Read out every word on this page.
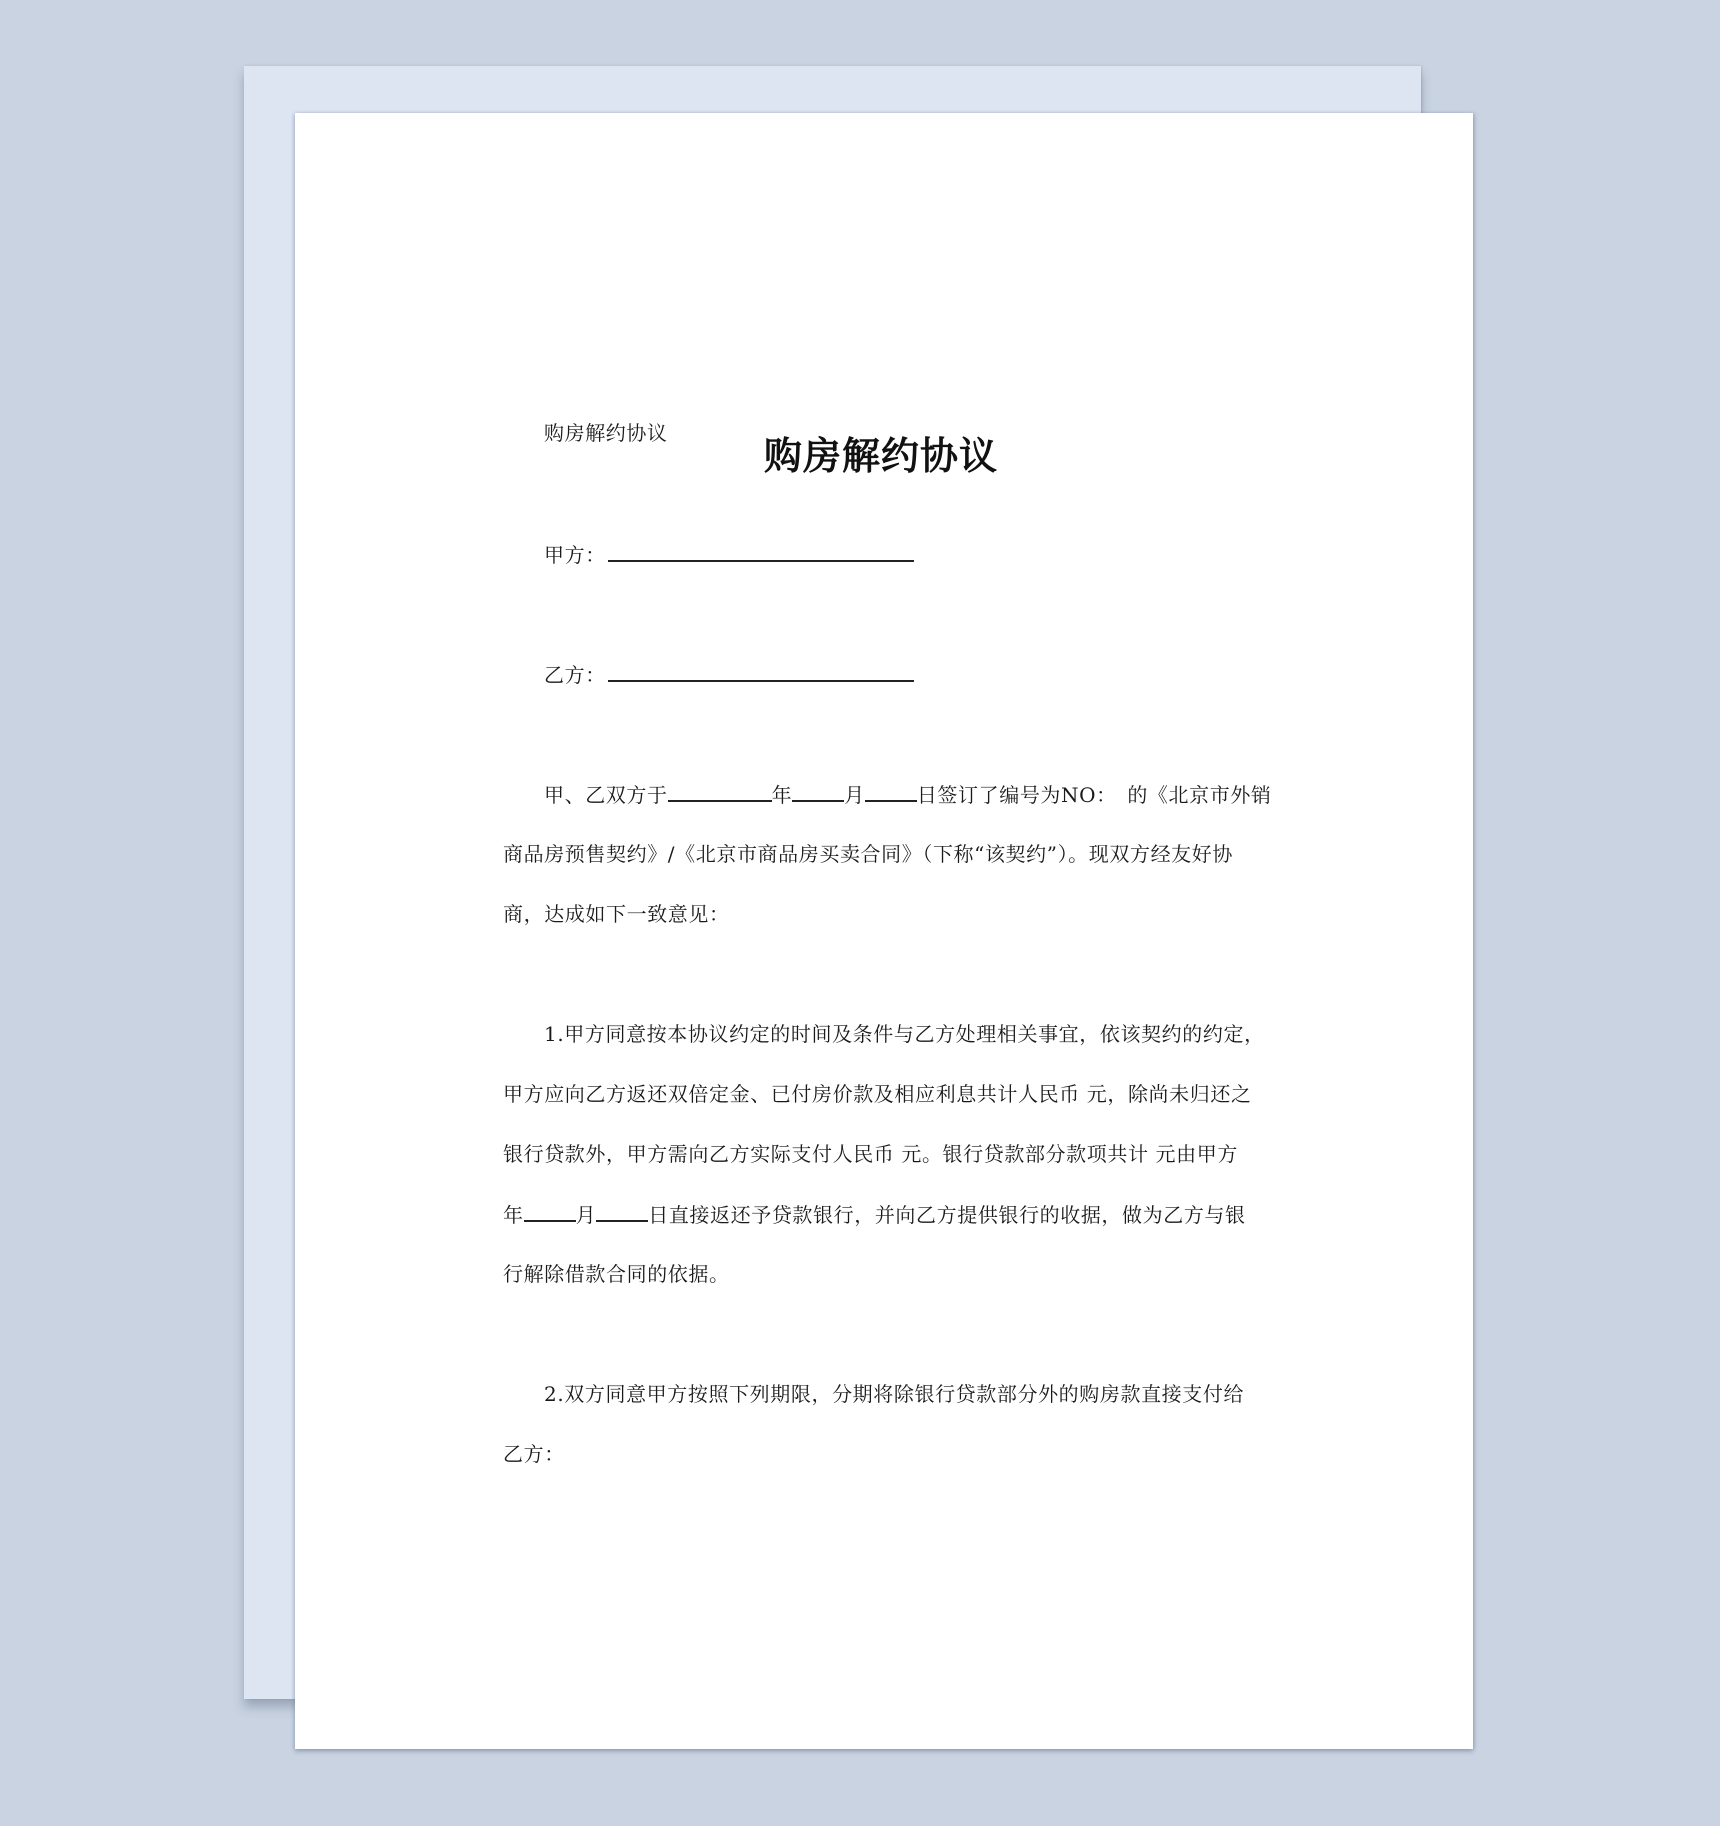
购房解约协议
购房解约协议
甲方：
乙方：
甲、乙双方于	年	月	日签订了编号为NO：　的《北京市外销
商品房预售契约》/《北京市商品房买卖合同》（下称“该契约”）。现双方经友好协
商，达成如下一致意见：
1.甲方同意按本协议约定的时间及条件与乙方处理相关事宜，依该契约的约定，
甲方应向乙方返还双倍定金、已付房价款及相应利息共计人民币 元，除尚未归还之
银行贷款外，甲方需向乙方实际支付人民币 元。银行贷款部分款项共计 元由甲方
年	月	日直接返还予贷款银行，并向乙方提供银行的收据，做为乙方与银
行解除借款合同的依据。
2.双方同意甲方按照下列期限，分期将除银行贷款部分外的购房款直接支付给
乙方：
